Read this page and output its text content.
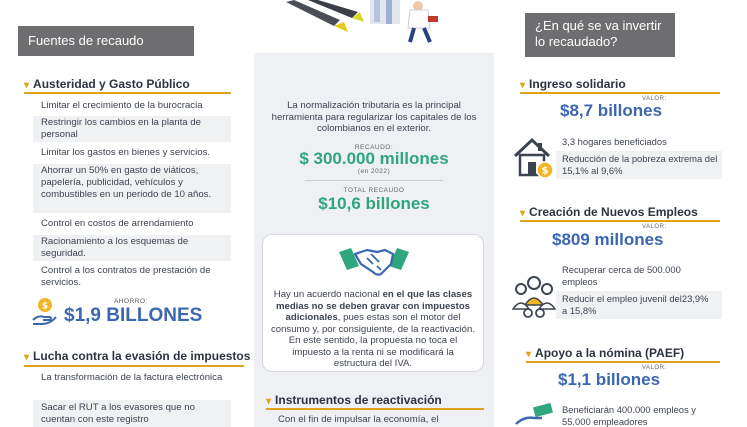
Fuentes de recaudo
▾ Austeridad y Gasto Público
Limitar el crecimiento de la burocracia
Restringir los cambios en la planta de personal
Limitar los gastos en bienes y servicios.
Ahorrar un 50% en gasto de viáticos, papelería, publicidad, vehículos y combustibles en un periodo de 10 años.
Control en costos de arrendamiento
Racionamiento a los esquemas de seguridad.
Control a los contratos de prestación de servicios.
$	AHORRO:
$1,9 BILLONES
▾ Lucha contra la evasión de impuestos
La transformación de la factura electrónica
Sacar el RUT a los evasores que no cuentan con este registro
La normalización tributaria es la principal herramienta para regularizar los capitales de los colombianos en el exterior.
RECAUDO:
$ 300.000 millones
(en 2022)
TOTAL RECAUDO
$10,6 billones
Hay un acuerdo nacional en el que las clases medias no se deben gravar con impuestos adicionales, pues estas son el motor del consumo y, por consiguiente, de la reactivación. En este sentido, la propuesta no toca el impuesto a la renta ni se modificará la estructura del IVA.
▾ Instrumentos de reactivación
Con el fin de impulsar la economía, el
¿En qué se va invertir lo recaudado?
▾ Ingreso solidario
VALOR:
$8,7 billones
$
3,3 hogares beneficiados
Reducción de la pobreza extrema del 15,1% al 9,6%
▾ Creación de Nuevos Empleos
VALOR:
$809 millones
Recuperar cerca de 500.000 empleos
Reducir el empleo juvenil del23,9% a 15,8%
▾ Apoyo a la nómina (PAEF)
VALOR:
$1,1 billones
Beneficiarán 400.000 empleos y 55.000 empleadores
